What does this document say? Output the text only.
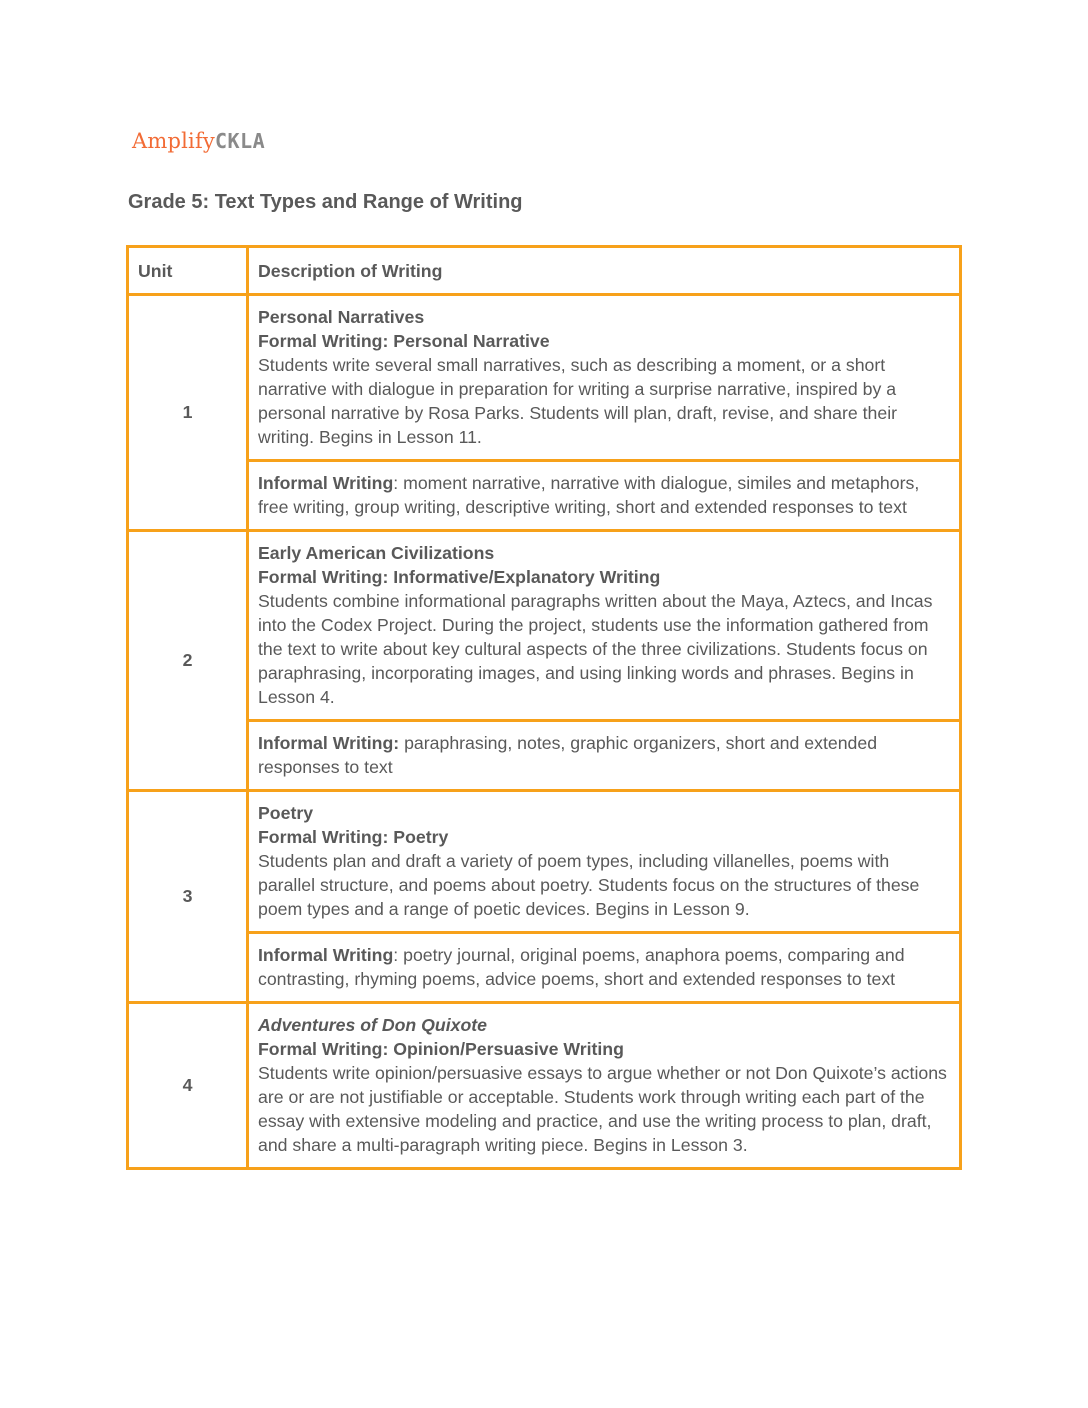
AmplifyCKLA
Grade 5: Text Types and Range of Writing
Unit	Description of Writing
1	Personal Narratives
Formal Writing: Personal Narrative
Students write several small narratives, such as describing a moment, or a short narrative with dialogue in preparation for writing a surprise narrative, inspired by a personal narrative by Rosa Parks. Students will plan, draft, revise, and share their writing. Begins in Lesson 11.

	Informal Writing: moment narrative, narrative with dialogue, similes and metaphors, free writing, group writing, descriptive writing, short and extended responses to text
2	Early American Civilizations
Formal Writing: Informative/Explanatory Writing
Students combine informational paragraphs written about the Maya, Aztecs, and Incas into the Codex Project. During the project, students use the information gathered from the text to write about key cultural aspects of the three civilizations. Students focus on paraphrasing, incorporating images, and using linking words and phrases. Begins in Lesson 4.

	Informal Writing: paraphrasing, notes, graphic organizers, short and extended responses to text
3	Poetry
Formal Writing: Poetry
Students plan and draft a variety of poem types, including villanelles, poems with parallel structure, and poems about poetry. Students focus on the structures of these poem types and a range of poetic devices. Begins in Lesson 9.

	Informal Writing: poetry journal, original poems, anaphora poems, comparing and contrasting, rhyming poems, advice poems, short and extended responses to text
4	Adventures of Don Quixote
Formal Writing: Opinion/Persuasive Writing
Students write opinion/persuasive essays to argue whether or not Don Quixote’s actions are or are not justifiable or acceptable. Students work through writing each part of the essay with extensive modeling and practice, and use the writing process to plan, draft, and share a multi-paragraph writing piece. Begins in Lesson 3.
